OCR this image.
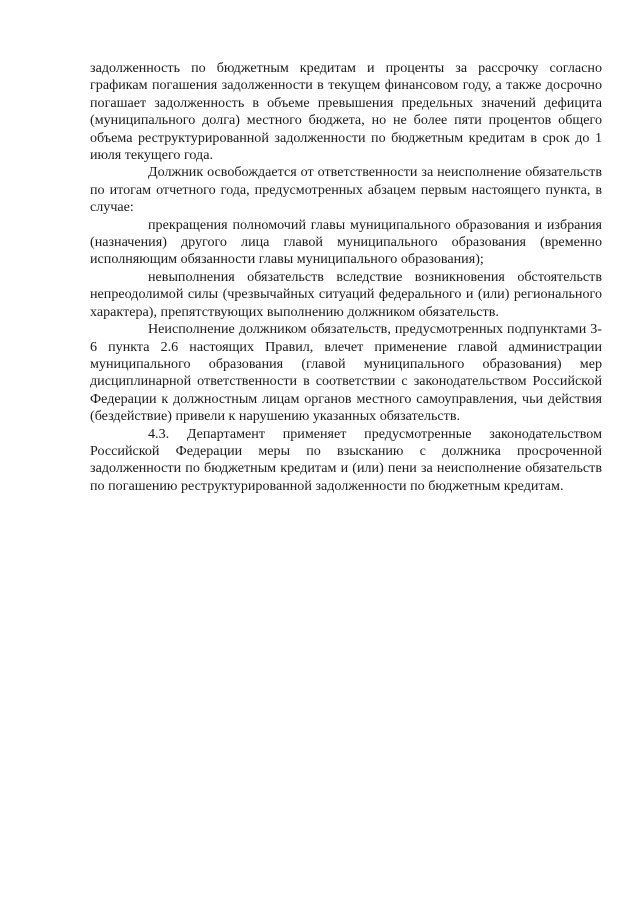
задолженность по бюджетным кредитам и проценты за рассрочку согласно графикам погашения задолженности в текущем финансовом году, а также досрочно погашает задолженность в объеме превышения предельных значений дефицита (муниципального долга) местного бюджета, но не более пяти процентов общего объема реструктурированной задолженности по бюджетным кредитам в срок до 1 июля текущего года.

Должник освобождается от ответственности за неисполнение обязательств по итогам отчетного года, предусмотренных абзацем первым настоящего пункта, в случае:

прекращения полномочий главы муниципального образования и избрания (назначения) другого лица главой муниципального образования (временно исполняющим обязанности главы муниципального образования);

невыполнения обязательств вследствие возникновения обстоятельств непреодолимой силы (чрезвычайных ситуаций федерального и (или) регионального характера), препятствующих выполнению должником обязательств.

Неисполнение должником обязательств, предусмотренных подпунктами 3-6 пункта 2.6 настоящих Правил, влечет применение главой администрации муниципального образования (главой муниципального образования) мер дисциплинарной ответственности в соответствии с законодательством Российской Федерации к должностным лицам органов местного самоуправления, чьи действия (бездействие) привели к нарушению указанных обязательств.

4.3. Департамент применяет предусмотренные законодательством Российской Федерации меры по взысканию с должника просроченной задолженности по бюджетным кредитам и (или) пени за неисполнение обязательств по погашению реструктурированной задолженности по бюджетным кредитам.
